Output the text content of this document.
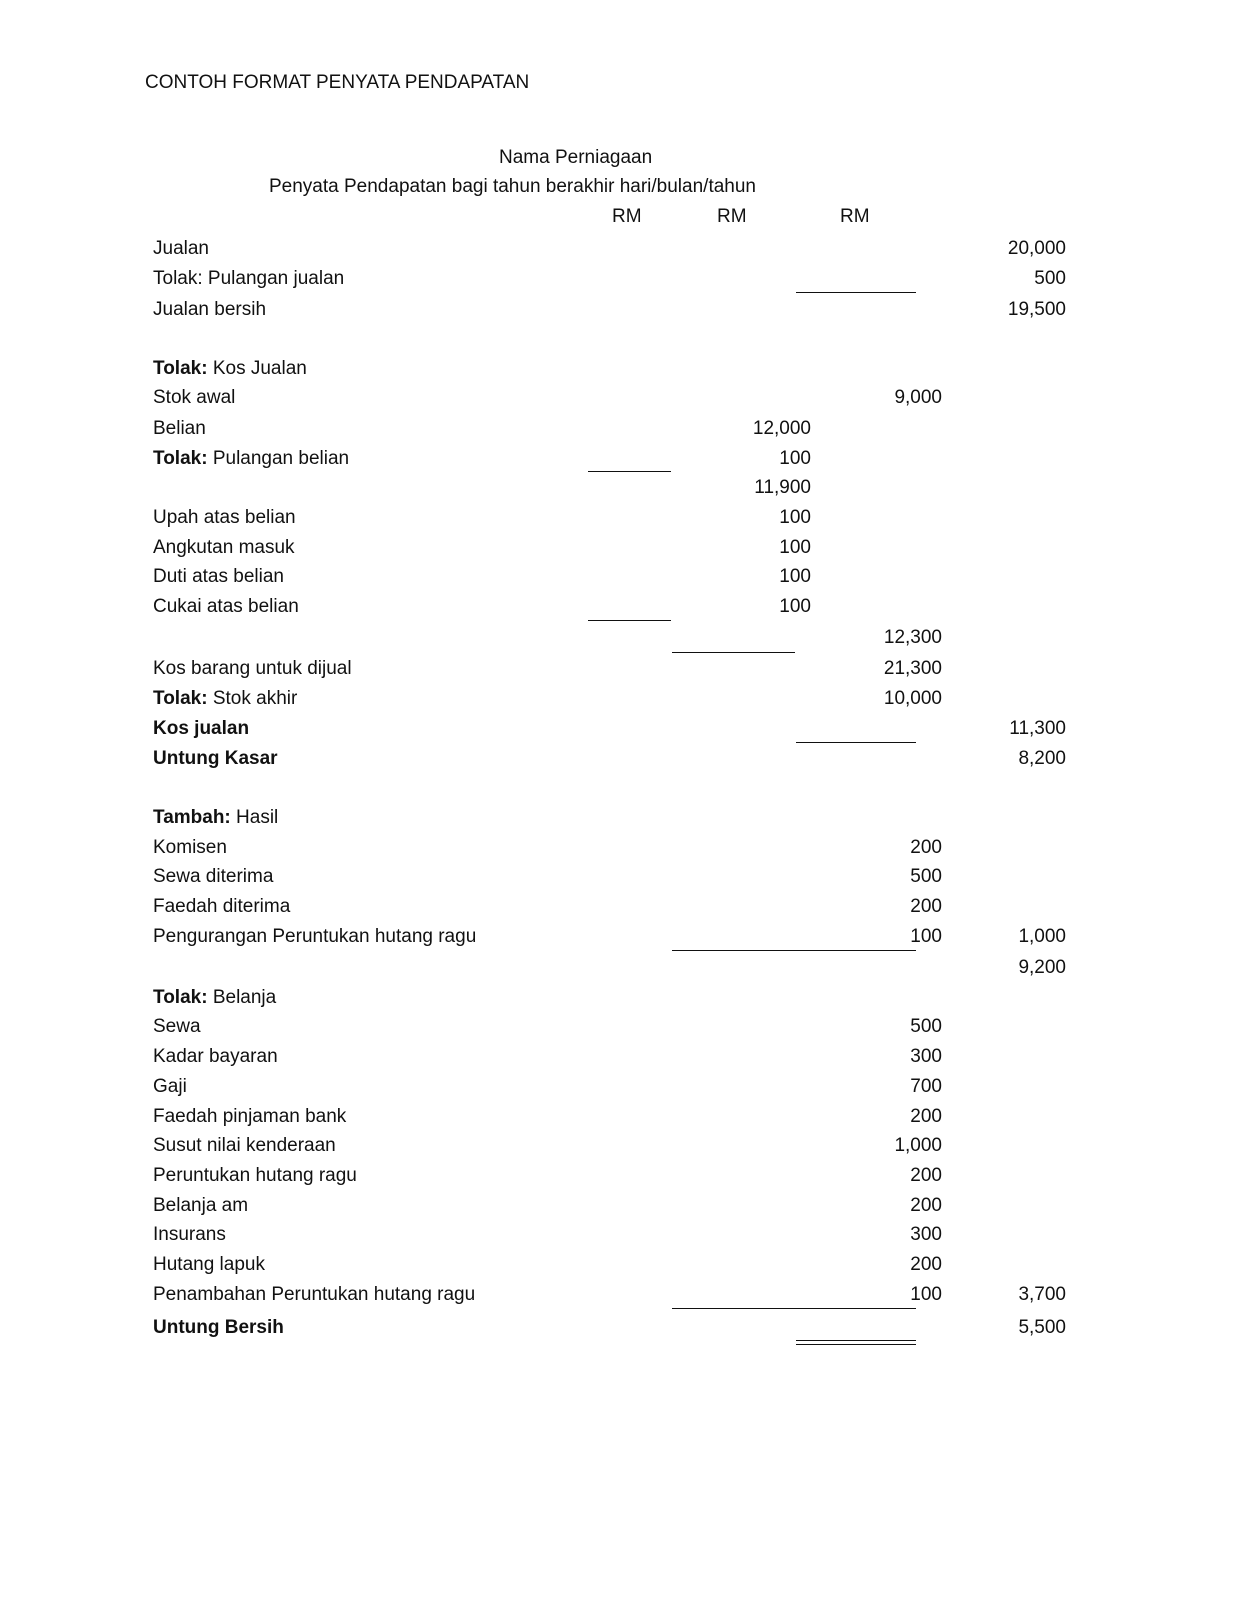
CONTOH FORMAT PENYATA PENDAPATAN
Nama Perniagaan
Penyata Pendapatan bagi tahun berakhir hari/bulan/tahun
RM	RM	RM
Jualan	20,000
Tolak: Pulangan jualan	500
Jualan bersih	19,500
Tolak: Kos Jualan
Stok awal	9,000
Belian	12,000
Tolak: Pulangan belian	100
11,900
Upah atas belian	100
Angkutan masuk	100
Duti atas belian	100
Cukai atas belian	100
12,300
Kos barang untuk dijual	21,300
Tolak: Stok akhir	10,000
Kos jualan	11,300
Untung Kasar	8,200
Tambah: Hasil
Komisen	200
Sewa diterima	500
Faedah diterima	200
Pengurangan Peruntukan hutang ragu	100	1,000
9,200
Tolak: Belanja
Sewa	500
Kadar bayaran	300
Gaji	700
Faedah pinjaman bank	200
Susut nilai kenderaan	1,000
Peruntukan hutang ragu	200
Belanja am	200
Insurans	300
Hutang lapuk	200
Penambahan Peruntukan hutang ragu	100	3,700
Untung Bersih	5,500
